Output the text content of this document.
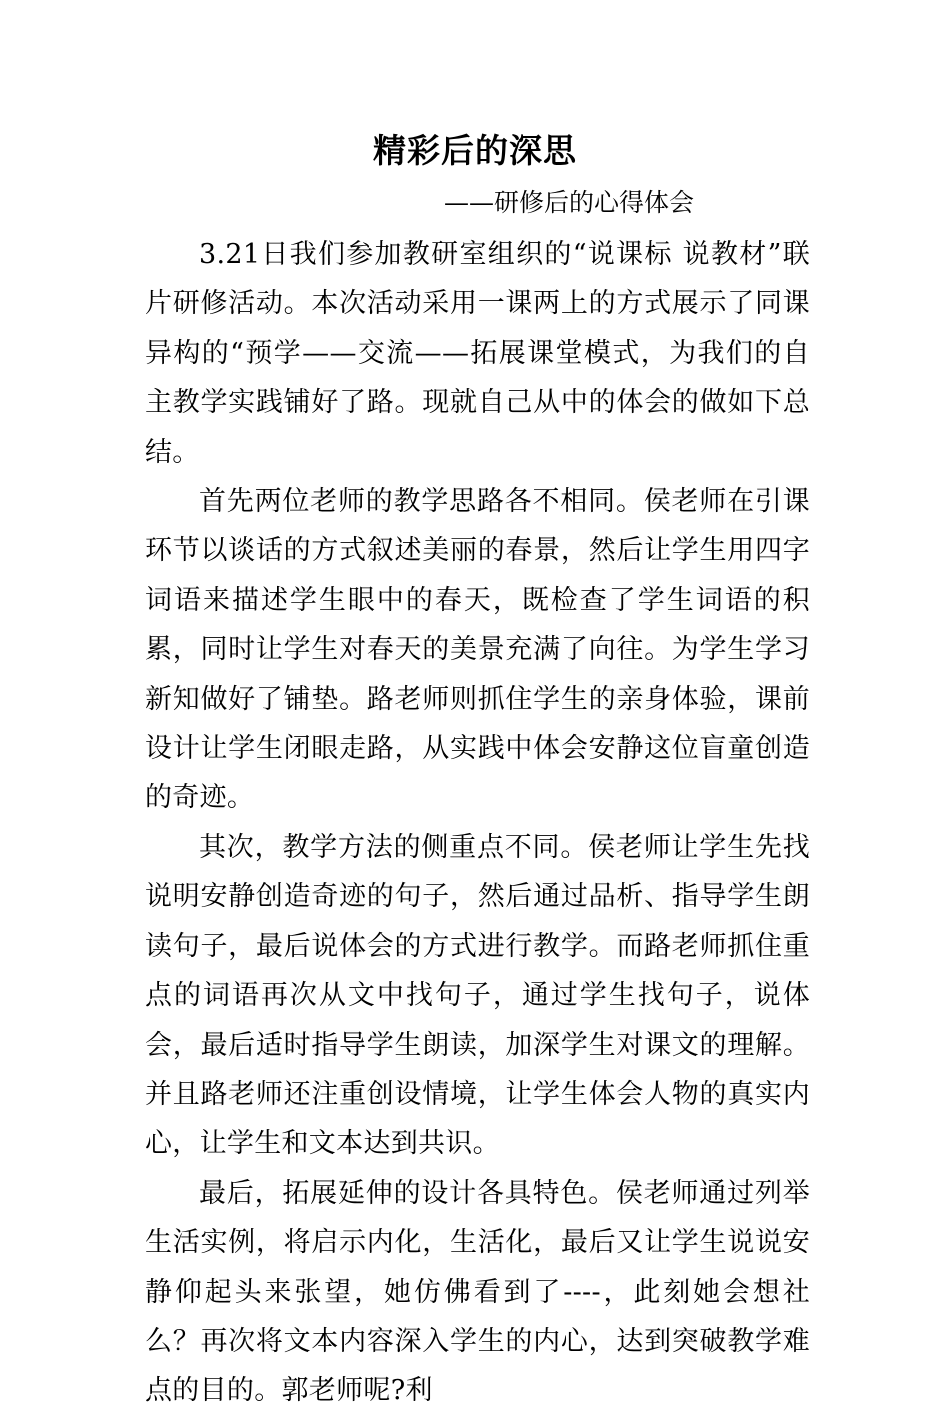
精彩后的深思

——研修后的心得体会

3.21日我们参加教研室组织的“说课标 说教材”联片研修活动。本次活动采用一课两上的方式展示了同课异构的“预学——交流——拓展课堂模式，为我们的自主教学实践铺好了路。现就自己从中的体会的做如下总结。

首先两位老师的教学思路各不相同。侯老师在引课环节以谈话的方式叙述美丽的春景，然后让学生用四字词语来描述学生眼中的春天，既检查了学生词语的积累，同时让学生对春天的美景充满了向往。为学生学习新知做好了铺垫。路老师则抓住学生的亲身体验，课前设计让学生闭眼走路，从实践中体会安静这位盲童创造的奇迹。

其次，教学方法的侧重点不同。侯老师让学生先找说明安静创造奇迹的句子，然后通过品析、指导学生朗读句子，最后说体会的方式进行教学。而路老师抓住重点的词语再次从文中找句子，通过学生找句子，说体会，最后适时指导学生朗读，加深学生对课文的理解。并且路老师还注重创设情境，让学生体会人物的真实内心，让学生和文本达到共识。

最后，拓展延伸的设计各具特色。侯老师通过列举生活实例，将启示内化，生活化，最后又让学生说说安静仰起头来张望，她仿佛看到了----，此刻她会想社么？再次将文本内容深入学生的内心，达到突破教学难点的目的。郭老师呢?利
